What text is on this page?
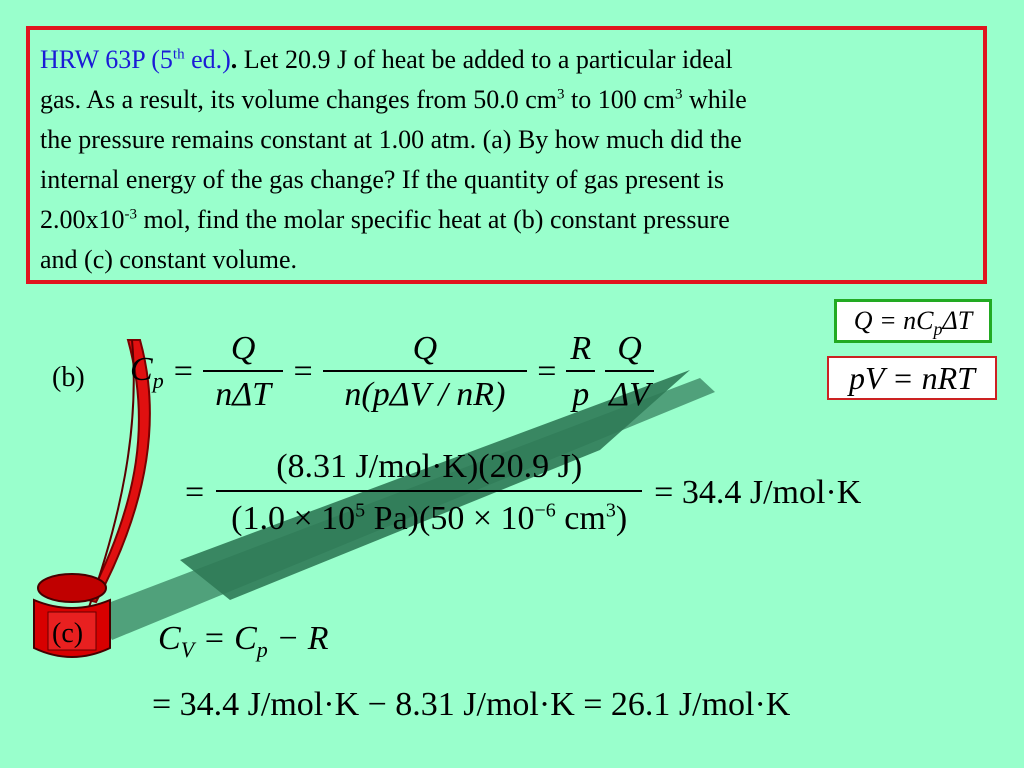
HRW 63P (5th ed.). Let 20.9 J of heat be added to a particular ideal
gas. As a result, its volume changes from 50.0 $cm^3$ to 100 $cm^3$ while
the pressure remains constant at 1.00 atm. (a) By how much did the
internal energy of the gas change? If the quantity of gas present is
$2.00x10^{-3}$ mol, find the molar specific heat at (b) constant pressure
and (c) constant volume.
$Q = nC_p\Delta T$
pV = nRT
(b) $C_p = \frac{Q}{\text{nΔT}} = \frac{Q}{\text{n(pΔV / nR)}} = \frac{R}{p} \frac{Q}{\Delta V}$
= $\frac{\text{(8.31 J/mol·K)(20.9 J)}}{(1.0 \times 10^5 Pa)(50 \times 10^{-6} cm^3)} = 34.4$ J/mol·K
(c) $C_V = C_p - R$
= 34.4 J/mol·K − 8.31 J/mol·K = 26.1 J/mol·K
